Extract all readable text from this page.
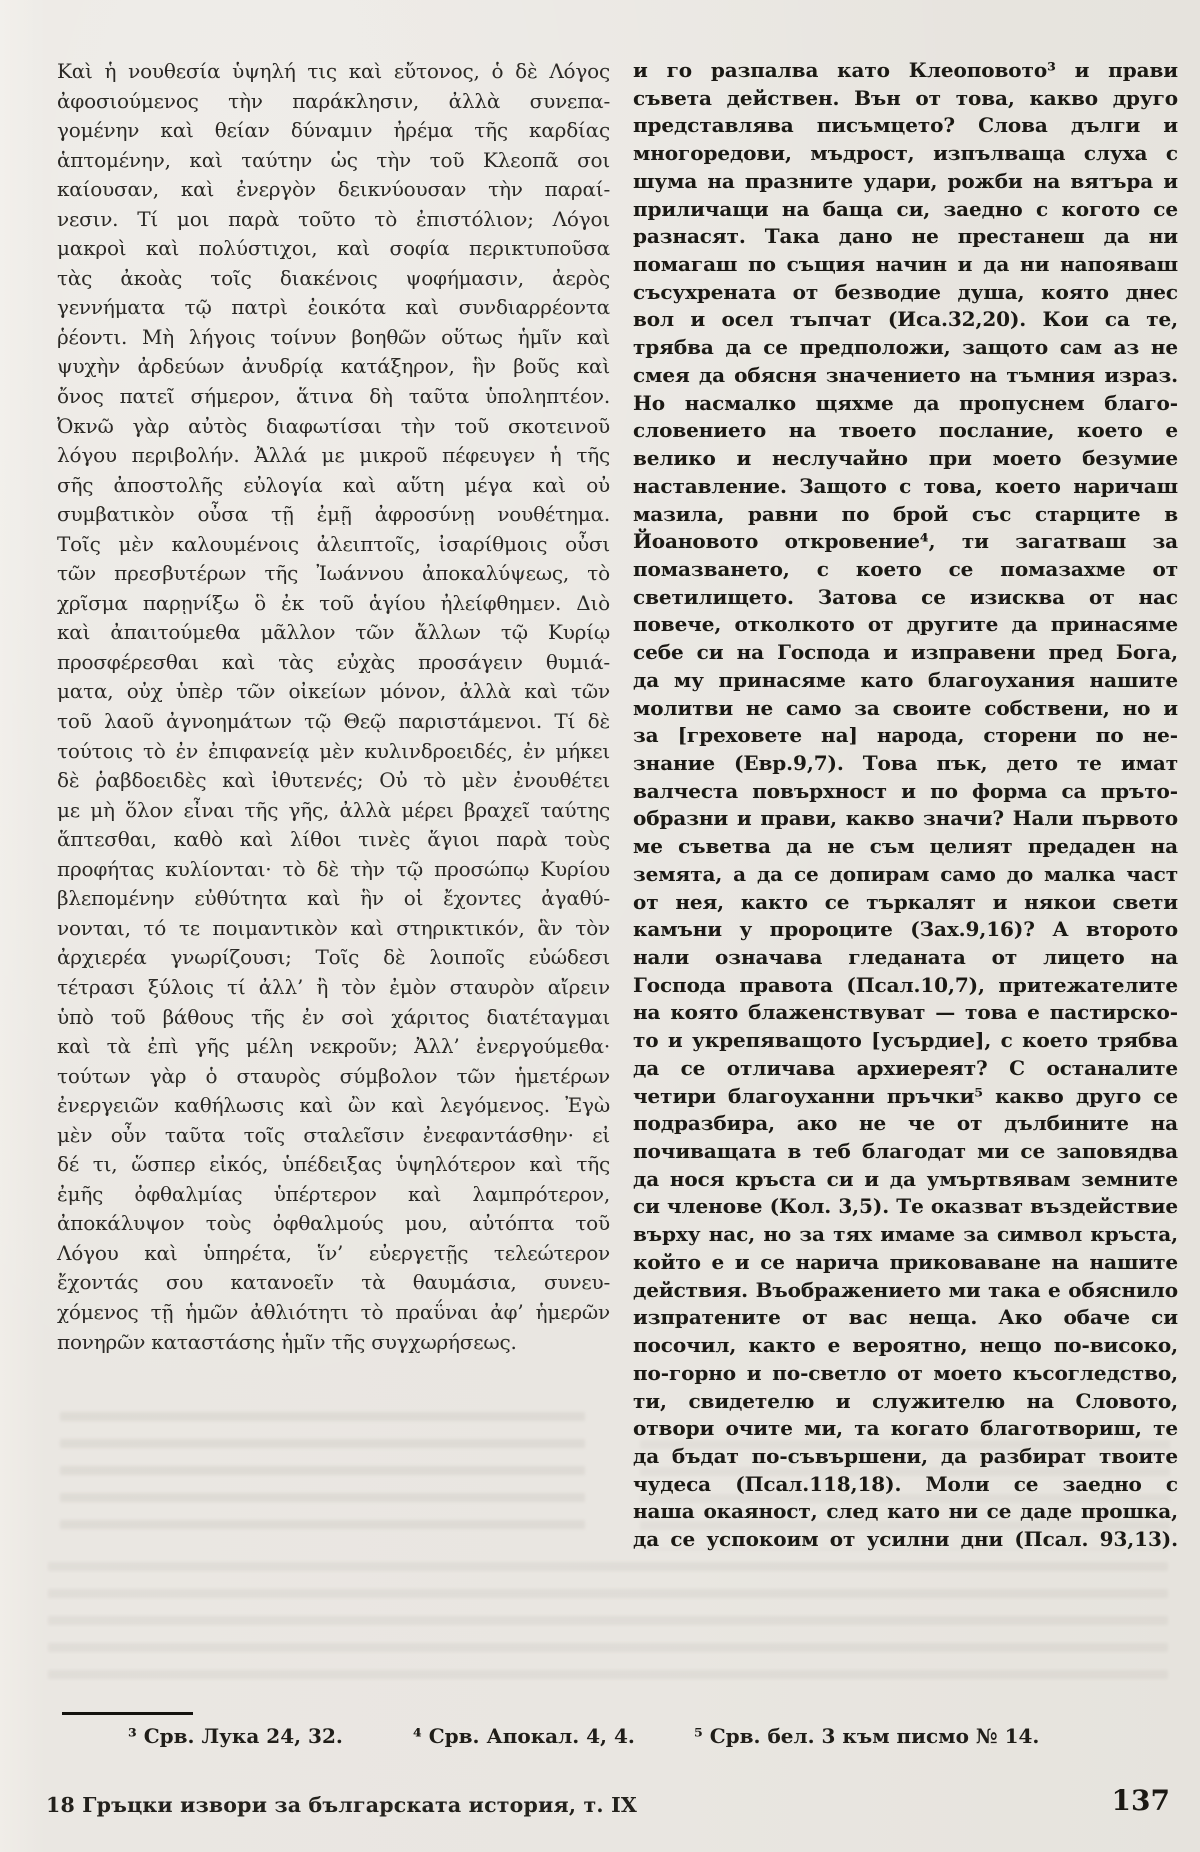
Καὶ ἡ νουθεσία ὑψηλή τις καὶ εὔτονος, ὁ δὲ Λόγος
ἀφοσιούμενος τὴν παράκλησιν, ἀλλὰ συνεπα-
γομένην καὶ θείαν δύναμιν ἠρέμα τῆς καρδίας
ἁπτομένην, καὶ ταύτην ὡς τὴν τοῦ Κλεοπᾶ σοι
καίουσαν, καὶ ἐνεργὸν δεικνύουσαν τὴν παραί-
νεσιν. Τί μοι παρὰ τοῦτο τὸ ἐπιστόλιον; Λόγοι
μακροὶ καὶ πολύστιχοι, καὶ σοφία περικτυποῦσα
τὰς ἀκοὰς τοῖς διακένοις ψοφήμασιν, ἀερὸς
γεννήματα τῷ πατρὶ ἐοικότα καὶ συνδιαρρέοντα
ῥέοντι. Μὴ λήγοις τοίνυν βοηθῶν οὕτως ἡμῖν καὶ
ψυχὴν ἀρδεύων ἀνυδρίᾳ κατάξηρον, ἣν βοῦς καὶ
ὄνος πατεῖ σήμερον, ἅτινα δὴ ταῦτα ὑποληπτέον.
Ὀκνῶ γὰρ αὐτὸς διαφωτίσαι τὴν τοῦ σκοτεινοῦ
λόγου περιβολήν. Ἀλλά με μικροῦ πέφευγεν ἡ τῆς
σῆς ἀποστολῆς εὐλογία καὶ αὕτη μέγα καὶ οὐ
συμβατικὸν οὖσα τῇ ἐμῇ ἀφροσύνῃ νουθέτημα.
Τοῖς μὲν καλουμένοις ἀλειπτοῖς, ἰσαρίθμοις οὖσι
τῶν πρεσβυτέρων τῆς Ἰωάννου ἀποκαλύψεως, τὸ
χρῖσμα παρῃνίξω ὃ ἐκ τοῦ ἁγίου ἠλείφθημεν. Διὸ
καὶ ἀπαιτούμεθα μᾶλλον τῶν ἄλλων τῷ Κυρίῳ
προσφέρεσθαι καὶ τὰς εὐχὰς προσάγειν θυμιά-
ματα, οὐχ ὑπὲρ τῶν οἰκείων μόνον, ἀλλὰ καὶ τῶν
τοῦ λαοῦ ἀγνοημάτων τῷ Θεῷ παριστάμενοι. Τί δὲ
τούτοις τὸ ἐν ἐπιφανείᾳ μὲν κυλινδροειδές, ἐν μήκει
δὲ ῥαβδοειδὲς καὶ ἰθυτενές; Οὐ τὸ μὲν ἐνουθέτει
με μὴ ὅλον εἶναι τῆς γῆς, ἀλλὰ μέρει βραχεῖ ταύτης
ἅπτεσθαι, καθὸ καὶ λίθοι τινὲς ἅγιοι παρὰ τοὺς
προφήτας κυλίονται· τὸ δὲ τὴν τῷ προσώπῳ Κυρίου
βλεπομένην εὐθύτητα καὶ ἣν οἱ ἔχοντες ἀγαθύ-
νονται, τό τε ποιμαντικὸν καὶ στηρικτικόν, ἃν τὸν
ἀρχιερέα γνωρίζουσι; Τοῖς δὲ λοιποῖς εὐώδεσι
τέτρασι ξύλοις τί ἀλλ’ ἢ τὸν ἐμὸν σταυρὸν αἴρειν
ὑπὸ τοῦ βάθους τῆς ἐν σοὶ χάριτος διατέταγμαι
καὶ τὰ ἐπὶ γῆς μέλη νεκροῦν; Ἀλλ’ ἐνεργούμεθα·
τούτων γὰρ ὁ σταυρὸς σύμβολον τῶν ἡμετέρων
ἐνεργειῶν καθήλωσις καὶ ὢν καὶ λεγόμενος. Ἐγὼ
μὲν οὖν ταῦτα τοῖς σταλεῖσιν ἐνεφαντάσθην· εἰ
δέ τι, ὥσπερ εἰκός, ὑπέδειξας ὑψηλότερον καὶ τῆς
ἐμῆς ὀφθαλμίας ὑπέρτερον καὶ λαμπρότερον,
ἀποκάλυψον τοὺς ὀφθαλμούς μου, αὐτόπτα τοῦ
Λόγου καὶ ὑπηρέτα, ἵν’ εὐεργετῇς τελεώτερον
ἔχοντάς σου κατανοεῖν τὰ θαυμάσια, συνευ-
χόμενος τῇ ἡμῶν ἀθλιότητι τὸ πραΰναι ἀφ’ ἡμερῶν
πονηρῶν καταστάσης ἡμῖν τῆς συγχωρήσεως.
и го разпалва като Клеоповото³ и прави
съвета действен. Вън от това, какво друго
представлява писъмцето? Слова дълги и
многоредови, мъдрост, изпълваща слуха с
шума на празните удари, рожби на вятъра и
приличащи на баща си, заедно с когото се
разнасят. Така дано не престанеш да ни
помагаш по същия начин и да ни напояваш
съсухрената от безводие душа, която днес
вол и осел тъпчат (Иса.32,20). Кои са те,
трябва да се предположи, защото сам аз не
смея да обясня значението на тъмния израз.
Но насмалко щяхме да пропуснем благо-
словението на твоето послание, което е
велико и неслучайно при моето безумие
наставление. Защото с това, което наричаш
мазила, равни по брой със старците в
Йоановото откровение⁴, ти загатваш за
помазването, с което се помазахме от
светилището. Затова се изисква от нас
повече, отколкото от другите да принасяме
себе си на Господа и изправени пред Бога,
да му принасяме като благоухания нашите
молитви не само за своите собствени, но и
за [греховете на] народа, сторени по не-
знание (Евр.9,7). Това пък, дето те имат
валчеста повърхност и по форма са пръто-
образни и прави, какво значи? Нали първото
ме съветва да не съм целият предаден на
земята, а да се допирам само до малка част
от нея, както се търкалят и някои свети
камъни у пророците (Зах.9,16)? А второто
нали означава гледаната от лицето на
Господа правота (Псал.10,7), притежателите
на която блаженствуват — това е пастирско-
то и укрепяващото [усърдие], с което трябва
да се отличава архиереят? С останалите
четири благоуханни пръчки⁵ какво друго се
подразбира, ако не че от дълбините на
почиващата в теб благодат ми се заповядва
да нося кръста си и да умъртвявам земните
си членове (Кол. 3,5). Те оказват въздействие
върху нас, но за тях имаме за символ кръста,
който е и се нарича приковаване на нашите
действия. Въображението ми така е обяснило
изпратените от вас неща. Ако обаче си
посочил, както е вероятно, нещо по-високо,
по-горно и по-светло от моето късогледство,
ти, свидетелю и служителю на Словото,
отвори очите ми, та когато благотвориш, те
да бъдат по-съвършени, да разбират твоите
чудеса (Псал.118,18). Моли се заедно с
наша окаяност, след като ни се даде прошка,
да се успокоим от усилни дни (Псал. 93,13).
³ Срв. Лука 24, 32.	⁴ Срв. Апокал. 4, 4.	⁵ Срв. бел. 3 към писмо № 14.
18 Гръцки извори за българската история, т. IX	137
